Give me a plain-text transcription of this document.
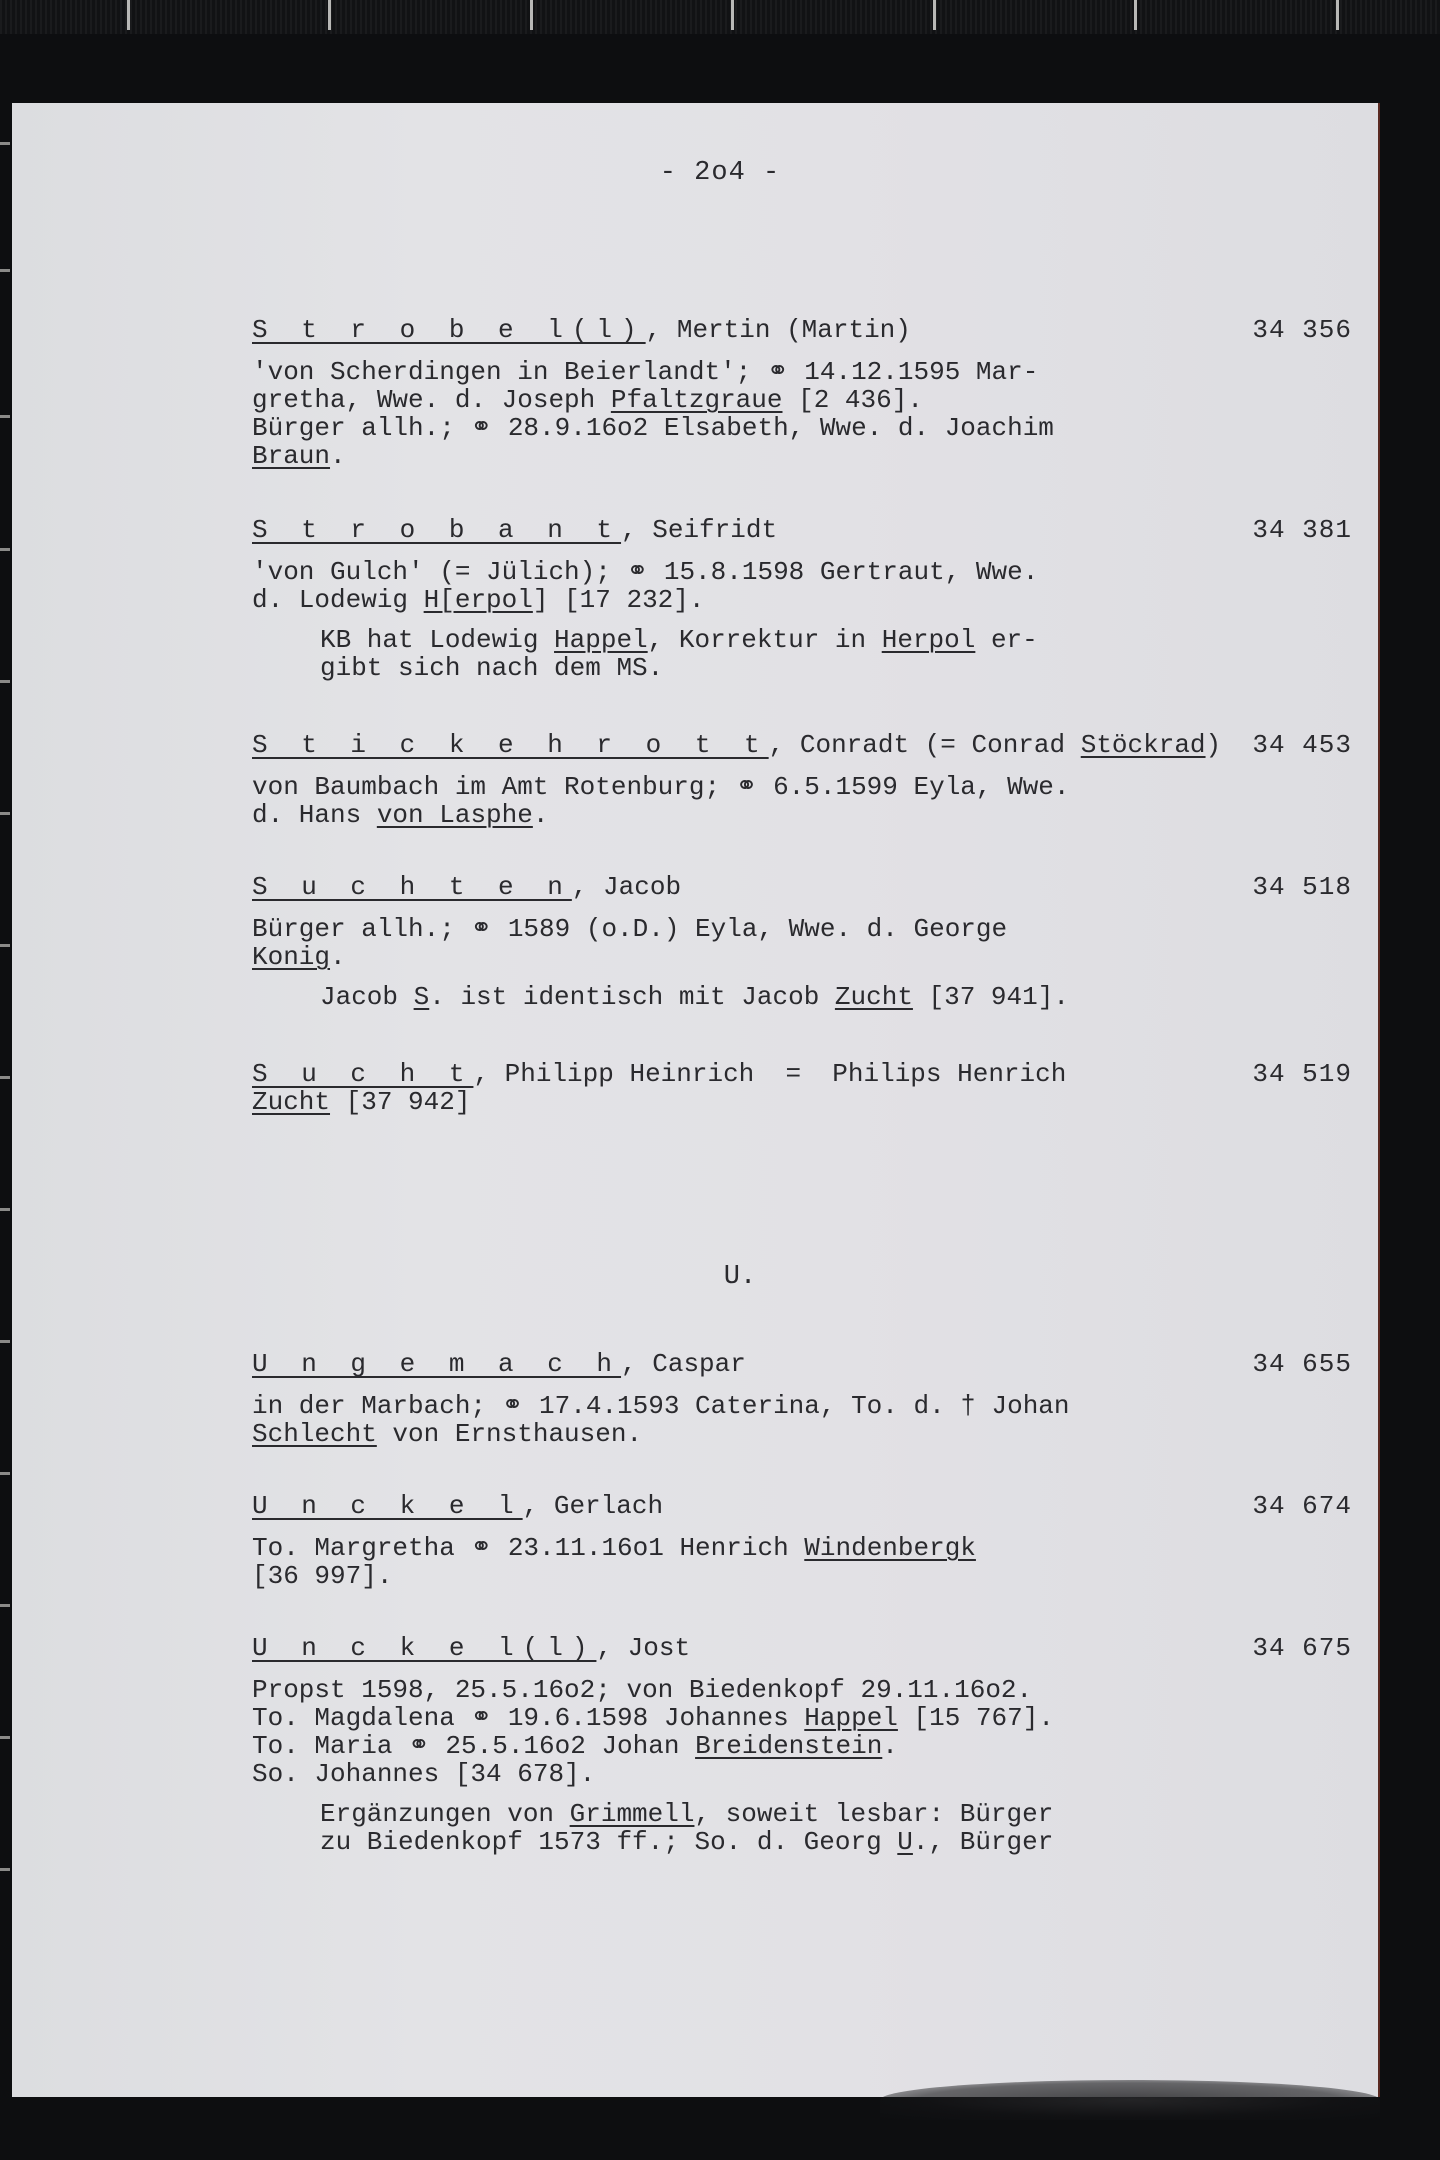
- 2o4 -
S t r o b e l(l), Mertin (Martin)	34 356
'von Scherdingen in Beierlandt'; ⚭ 14.12.1595 Mar-
gretha, Wwe. d. Joseph Pfaltzgraue [2 436].
Bürger allh.; ⚭ 28.9.16o2 Elsabeth, Wwe. d. Joachim
Braun.
S t r o b a n t, Seifridt	34 381
'von Gulch' (= Jülich); ⚭ 15.8.1598 Gertraut, Wwe.
d. Lodewig H[erpol] [17 232].
KB hat Lodewig Happel, Korrektur in Herpol er-
gibt sich nach dem MS.
S t i c k e h r o t t, Conradt (= Conrad Stöckrad) 34 453
von Baumbach im Amt Rotenburg; ⚭ 6.5.1599 Eyla, Wwe.
d. Hans von Lasphe.
S u c h t e n, Jacob	34 518
Bürger allh.; ⚭ 1589 (o.D.) Eyla, Wwe. d. George
Konig.
Jacob S. ist identisch mit Jacob Zucht [37 941].
S u c h t, Philipp Heinrich  =  Philips Henrich	34 519
Zucht [37 942]
U.
U n g e m a c h, Caspar	34 655
in der Marbach; ⚭ 17.4.1593 Caterina, To. d. † Johan
Schlecht von Ernsthausen.
U n c k e l, Gerlach	34 674
To. Margretha ⚭ 23.11.16o1 Henrich Windenbergk
[36 997].
U n c k e l(l), Jost	34 675
Propst 1598, 25.5.16o2; von Biedenkopf 29.11.16o2.
To. Magdalena ⚭ 19.6.1598 Johannes Happel [15 767].
To. Maria ⚭ 25.5.16o2 Johan Breidenstein.
So. Johannes [34 678].
Ergänzungen von Grimmell, soweit lesbar: Bürger
zu Biedenkopf 1573 ff.; So. d. Georg U., Bürger
